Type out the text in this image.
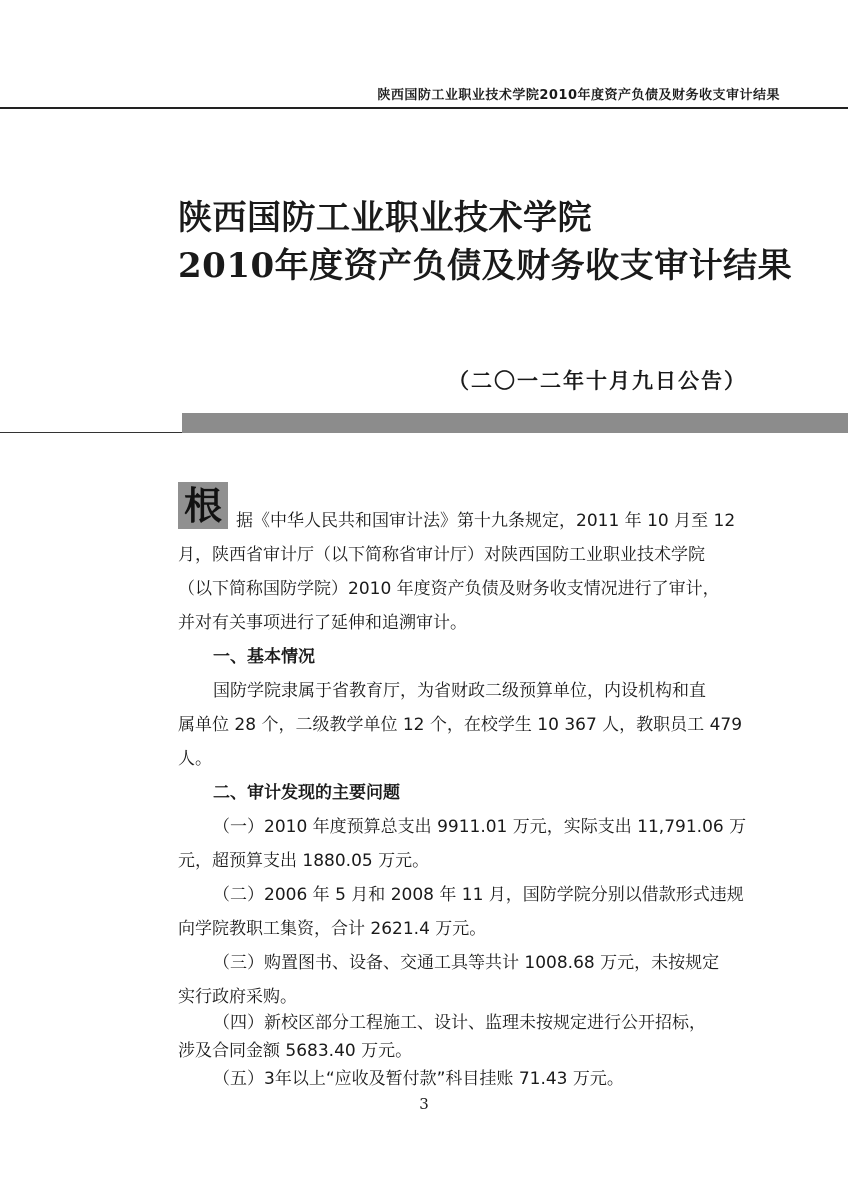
陕西国防工业职业技术学院2010年度资产负债及财务收支审计结果
陕西国防工业职业技术学院
2010年度资产负债及财务收支审计结果
（二〇一二年十月九日公告）
根 据《中华人民共和国审计法》第十九条规定，2011 年 10 月至 12
月，陕西省审计厅（以下简称省审计厅）对陕西国防工业职业技术学院
（以下简称国防学院）2010 年度资产负债及财务收支情况进行了审计，
并对有关事项进行了延伸和追溯审计。
一、基本情况
国防学院隶属于省教育厅，为省财政二级预算单位，内设机构和直
属单位 28 个，二级教学单位 12 个，在校学生 10 367 人，教职员工 479
人。
二、审计发现的主要问题
（一）2010 年度预算总支出 9911.01 万元，实际支出 11,791.06 万
元，超预算支出 1880.05 万元。
（二）2006 年 5 月和 2008 年 11 月，国防学院分别以借款形式违规
向学院教职工集资，合计 2621.4 万元。
（三）购置图书、设备、交通工具等共计 1008.68 万元，未按规定
实行政府采购。
（四）新校区部分工程施工、设计、监理未按规定进行公开招标，
涉及合同金额 5683.40 万元。
（五）3年以上“应收及暂付款”科目挂账 71.43 万元。
3
